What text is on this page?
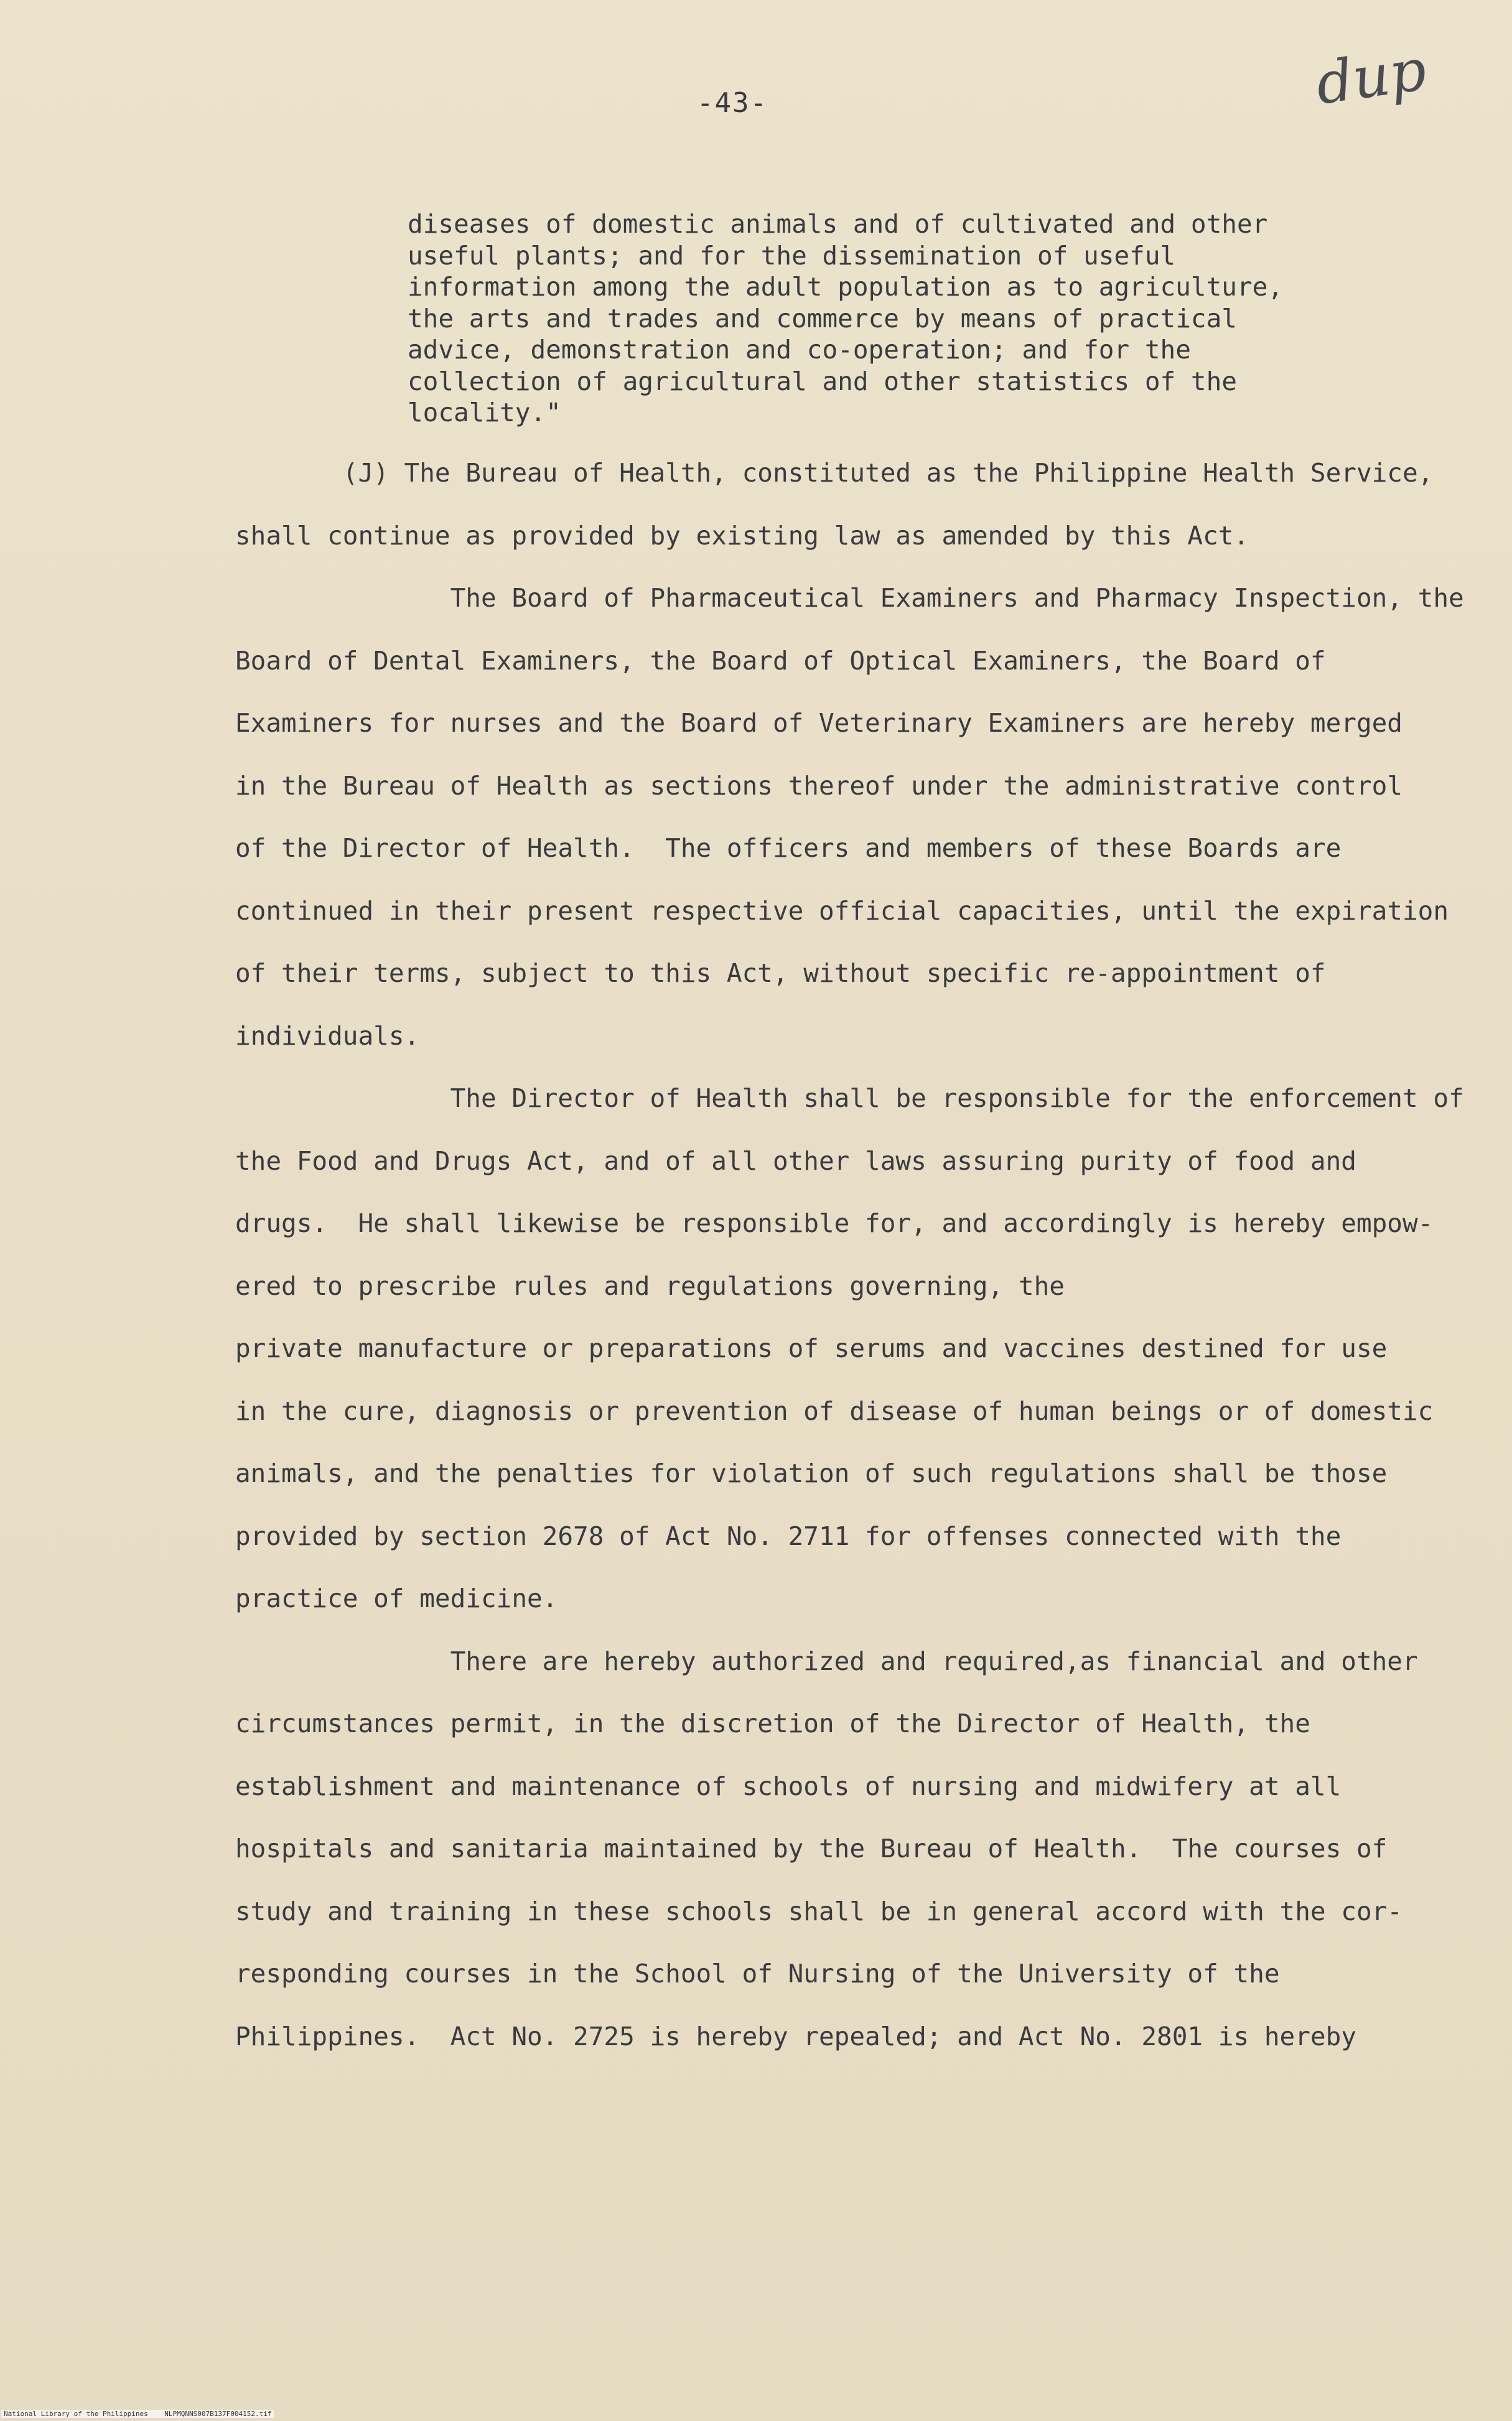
-43-	dup
diseases of domestic animals and of cultivated and other
useful plants; and for the dissemination of useful
information among the adult population as to agriculture,
the arts and trades and commerce by means of practical
advice, demonstration and co-operation; and for the
collection of agricultural and other statistics of the
locality."
(J) The Bureau of Health, constituted as the Philippine Health Service,
shall continue as provided by existing law as amended by this Act.
The Board of Pharmaceutical Examiners and Pharmacy Inspection, the
Board of Dental Examiners, the Board of Optical Examiners, the Board of
Examiners for nurses and the Board of Veterinary Examiners are hereby merged
in the Bureau of Health as sections thereof under the administrative control
of the Director of Health.  The officers and members of these Boards are
continued in their present respective official capacities, until the expiration
of their terms, subject to this Act, without specific re-appointment of
individuals.
The Director of Health shall be responsible for the enforcement of
the Food and Drugs Act, and of all other laws assuring purity of food and
drugs.  He shall likewise be responsible for, and accordingly is hereby empow-
ered to prescribe rules and regulations governing, the
private manufacture or preparations of serums and vaccines destined for use
in the cure, diagnosis or prevention of disease of human beings or of domestic
animals, and the penalties for violation of such regulations shall be those
provided by section 2678 of Act No. 2711 for offenses connected with the
practice of medicine.
There are hereby authorized and required,as financial and other
circumstances permit, in the discretion of the Director of Health, the
establishment and maintenance of schools of nursing and midwifery at all
hospitals and sanitaria maintained by the Bureau of Health.  The courses of
study and training in these schools shall be in general accord with the cor-
responding courses in the School of Nursing of the University of the
Philippines.  Act No. 2725 is hereby repealed; and Act No. 2801 is hereby
National Library of the Philippines    NLPMQNNS007B137F004152.tif
